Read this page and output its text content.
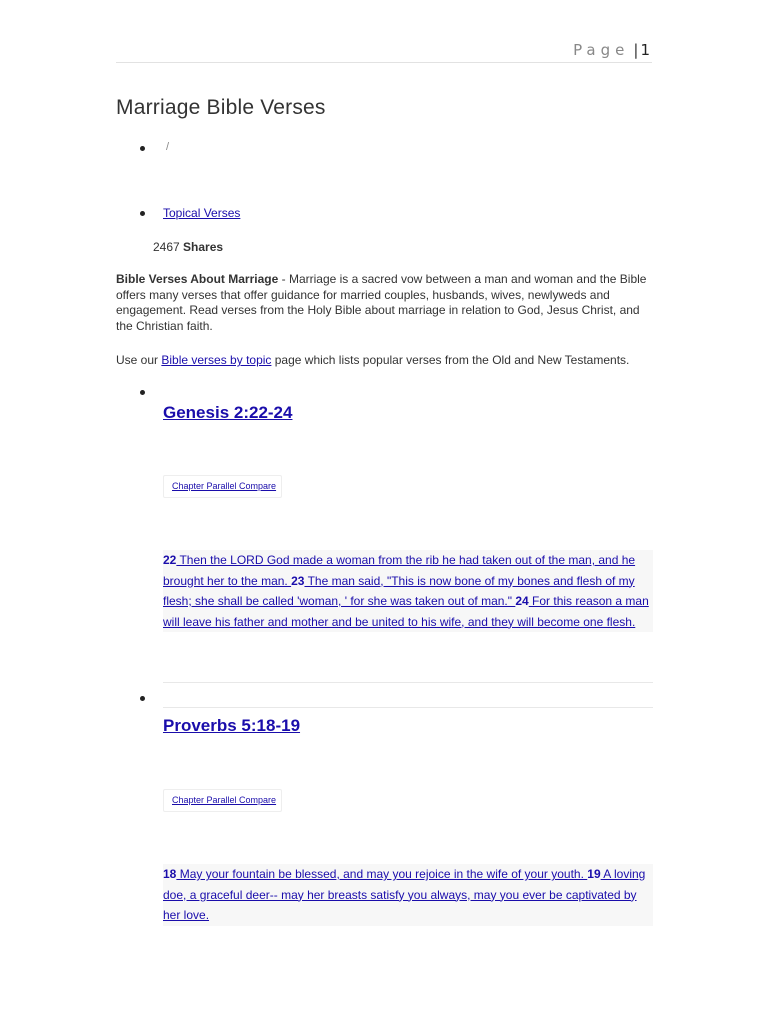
Page | 1
Marriage Bible Verses
/
Topical Verses
2467 Shares
Bible Verses About Marriage - Marriage is a sacred vow between a man and woman and the Bible offers many verses that offer guidance for married couples, husbands, wives, newlyweds and engagement. Read verses from the Holy Bible about marriage in relation to God, Jesus Christ, and the Christian faith.
Use our Bible verses by topic page which lists popular verses from the Old and New Testaments.
Genesis 2:22-24
Chapter Parallel Compare
22 Then the LORD God made a woman from the rib he had taken out of the man, and he brought her to the man. 23 The man said, "This is now bone of my bones and flesh of my flesh; she shall be called 'woman, ' for she was taken out of man." 24 For this reason a man will leave his father and mother and be united to his wife, and they will become one flesh.
Proverbs 5:18-19
Chapter Parallel Compare
18 May your fountain be blessed, and may you rejoice in the wife of your youth. 19 A loving doe, a graceful deer-- may her breasts satisfy you always, may you ever be captivated by her love.
